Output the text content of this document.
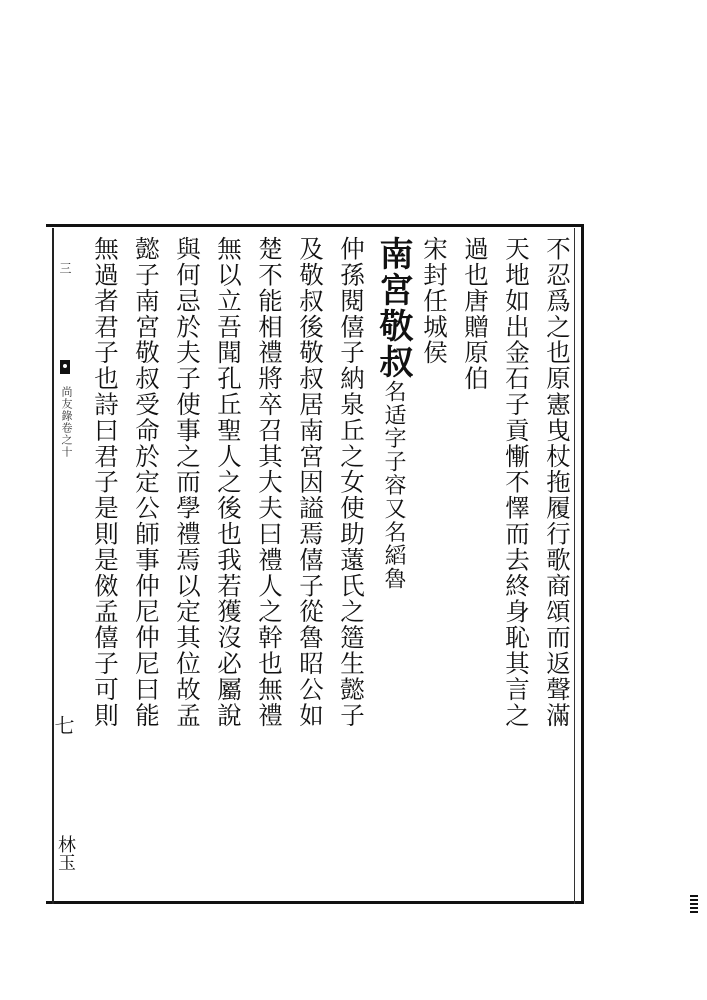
三
尚友錄卷之十
七
林玉
不忍爲之也原憲曳杖拖履行歌商頌而返聲滿
天地如出金石子貢慚不懌而去終身恥其言之
過也唐贈原伯
宋封任城侯
南宮敬叔名适字子容又名縚魯
仲孫閱僖子納泉丘之女使助薳氏之簉生懿子
及敬叔後敬叔居南宮因謚焉僖子從魯昭公如
楚不能相禮將卒召其大夫曰禮人之幹也無禮
無以立吾聞孔丘聖人之後也我若獲沒必屬說
與何忌於夫子使事之而學禮焉以定其位故孟
懿子南宮敬叔受命於定公師事仲尼仲尼曰能
無過者君子也詩曰君子是則是傚孟僖子可則
